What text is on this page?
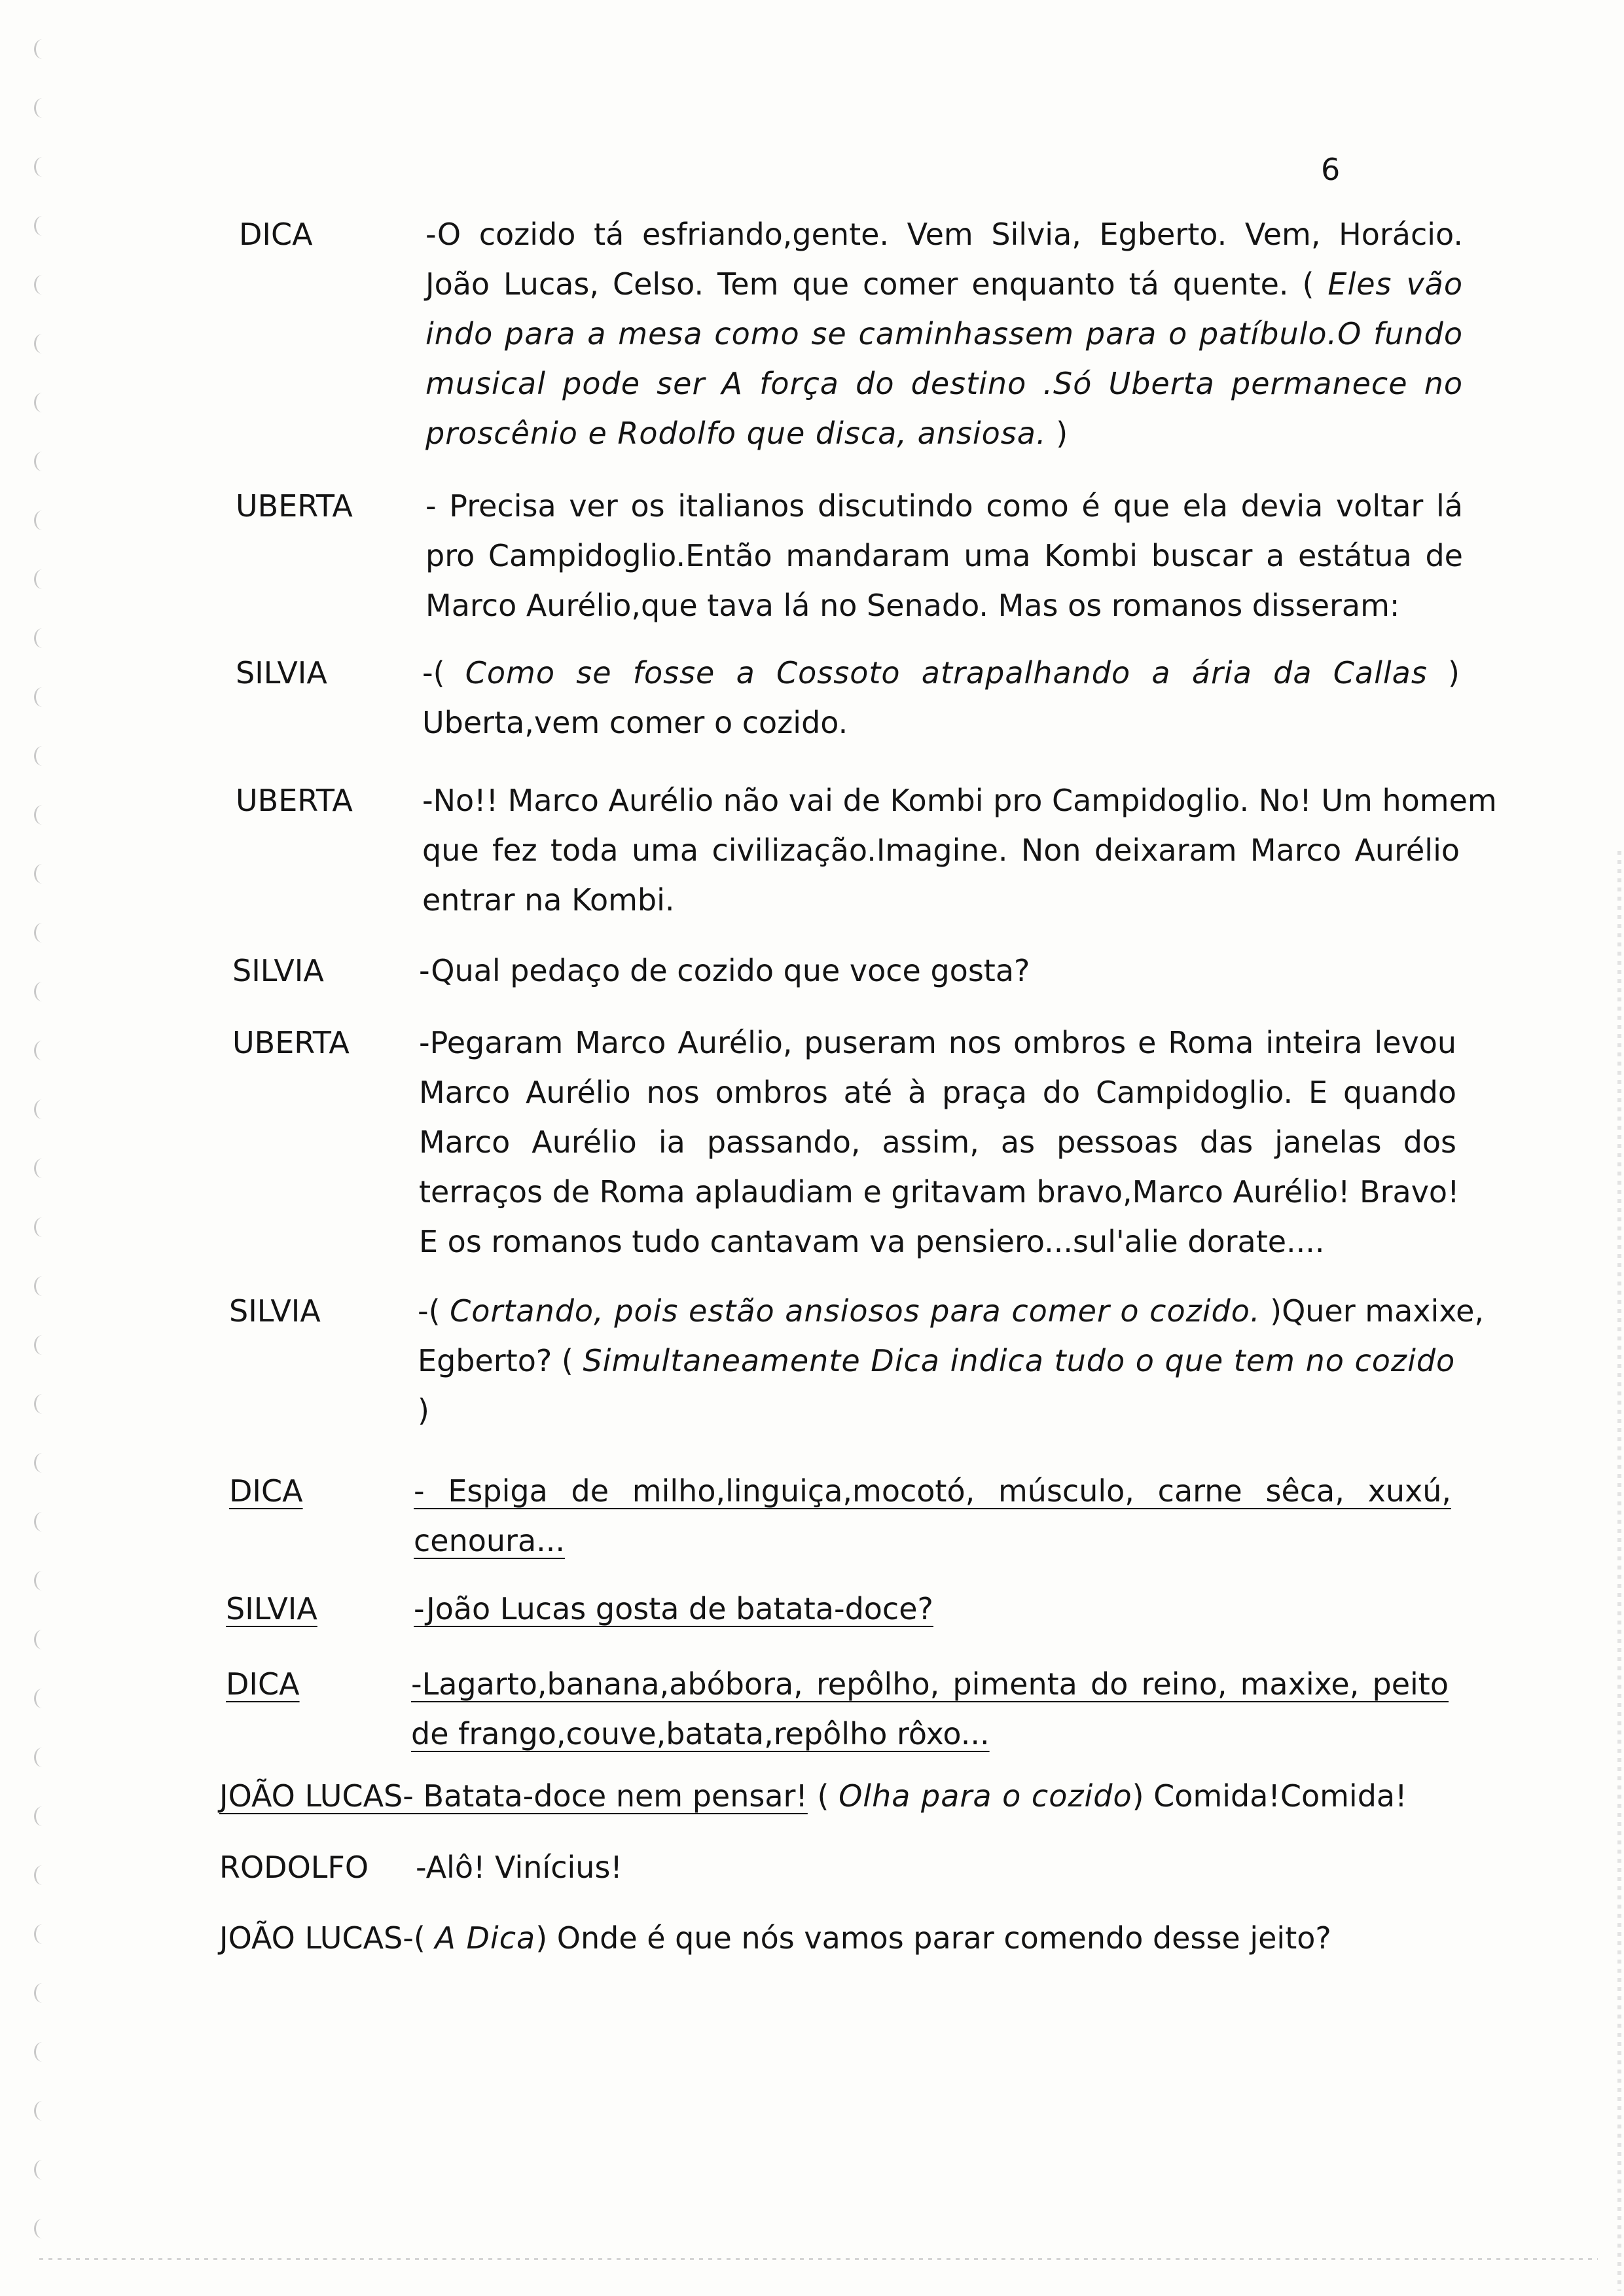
6
DICA	-O cozido tá esfriando,gente. Vem Silvia, Egberto. Vem, Horácio.
João Lucas, Celso. Tem que comer enquanto tá quente. ( Eles vão
indo para a mesa como se caminhassem para o patíbulo.O fundo
musical pode ser A força do destino .Só Uberta permanece no
proscênio e Rodolfo que disca, ansiosa. )
UBERTA - Precisa ver os italianos discutindo como é que ela devia voltar lá
pro Campidoglio.Então mandaram uma Kombi buscar a estátua de
Marco Aurélio,que tava lá no Senado. Mas os romanos disseram:
SILVIA	-( Como se fosse a Cossoto atrapalhando a ária da Callas )
Uberta,vem comer o cozido.
UBERTA -No!! Marco Aurélio não vai de Kombi pro Campidoglio. No! Um homem
que fez toda uma civilização.Imagine. Non deixaram Marco Aurélio
entrar na Kombi.
SILVIA	-Qual pedaço de cozido que voce gosta?
UBERTA -Pegaram Marco Aurélio, puseram nos ombros e Roma inteira levou
Marco Aurélio nos ombros até à praça do Campidoglio. E quando
Marco Aurélio ia passando, assim, as pessoas das janelas dos
terraços de Roma aplaudiam e gritavam bravo,Marco Aurélio! Bravo!
E os romanos tudo cantavam va pensiero...sul'alie dorate....
SILVIA	-( Cortando, pois estão ansiosos para comer o cozido. )Quer maxixe,
Egberto? ( Simultaneamente Dica indica tudo o que tem no cozido
)
DICA	- Espiga de milho,linguiça,mocotó, músculo, carne sêca, xuxú,
cenoura...
SILVIA	-João Lucas gosta de batata-doce?
DICA	-Lagarto,banana,abóbora, repôlho, pimenta do reino, maxixe, peito
de frango,couve,batata,repôlho rôxo...
JOÃO LUCAS- Batata-doce nem pensar! ( Olha para o cozido) Comida!Comida!
RODOLFO -Alô! Vinícius!
JOÃO LUCAS-( A Dica) Onde é que nós vamos parar comendo desse jeito?
